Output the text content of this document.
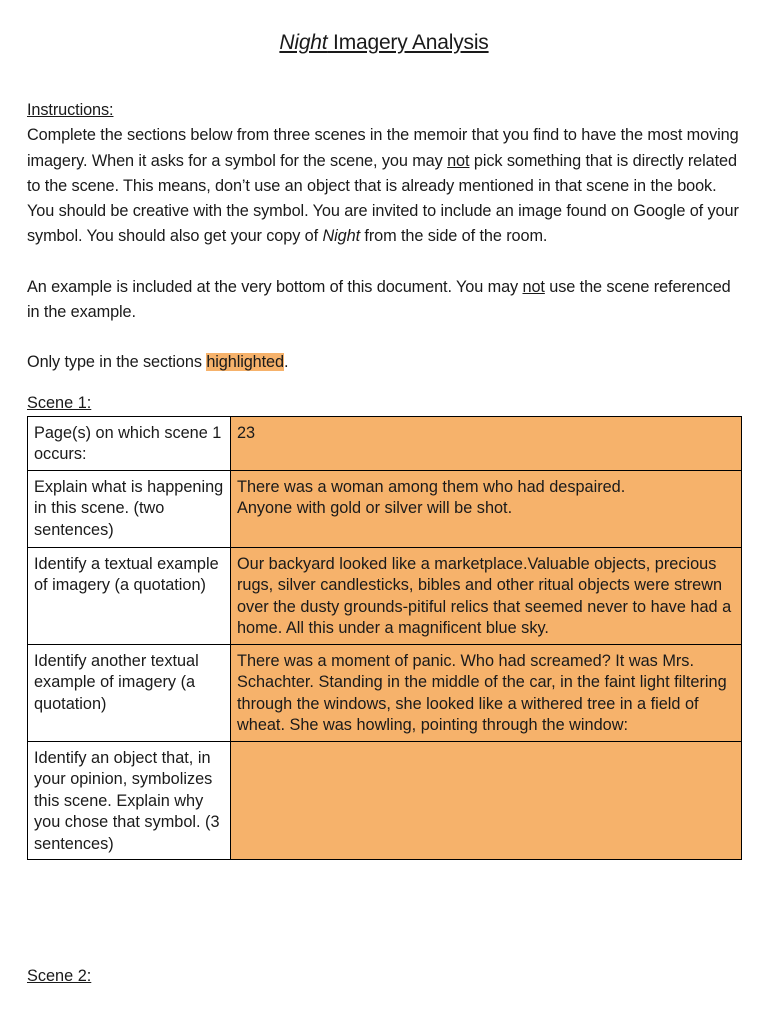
Night Imagery Analysis

Instructions:

Complete the sections below from three scenes in the memoir that you find to have the most moving imagery. When it asks for a symbol for the scene, you may not pick something that is directly related to the scene. This means, don’t use an object that is already mentioned in that scene in the book. You should be creative with the symbol. You are invited to include an image found on Google of your symbol. You should also get your copy of Night from the side of the room.

An example is included at the very bottom of this document. You may not use the scene referenced in the example.

Only type in the sections highlighted.

Scene 1:

Page(s) on which scene 1 occurs:	23
Explain what is happening in this scene. (two sentences)	There was a woman among them who had despaired.
Anyone with gold or silver will be shot.

Identify a textual example of imagery (a quotation)	Our backyard looked like a marketplace.Valuable objects, precious rugs, silver candlesticks, bibles and other ritual objects were strewn over the dusty grounds-pitiful relics that seemed never to have had a home. All this under a magnificent blue sky.
Identify another textual example of imagery (a quotation)	There was a moment of panic. Who had screamed? It was Mrs. Schachter. Standing in the middle of the car, in the faint light filtering through the windows, she looked like a withered tree in a field of wheat. She was howling, pointing through the window:
Identify an object that, in your opinion, symbolizes this scene. Explain why you chose that symbol. (3 sentences)	

Scene 2:
